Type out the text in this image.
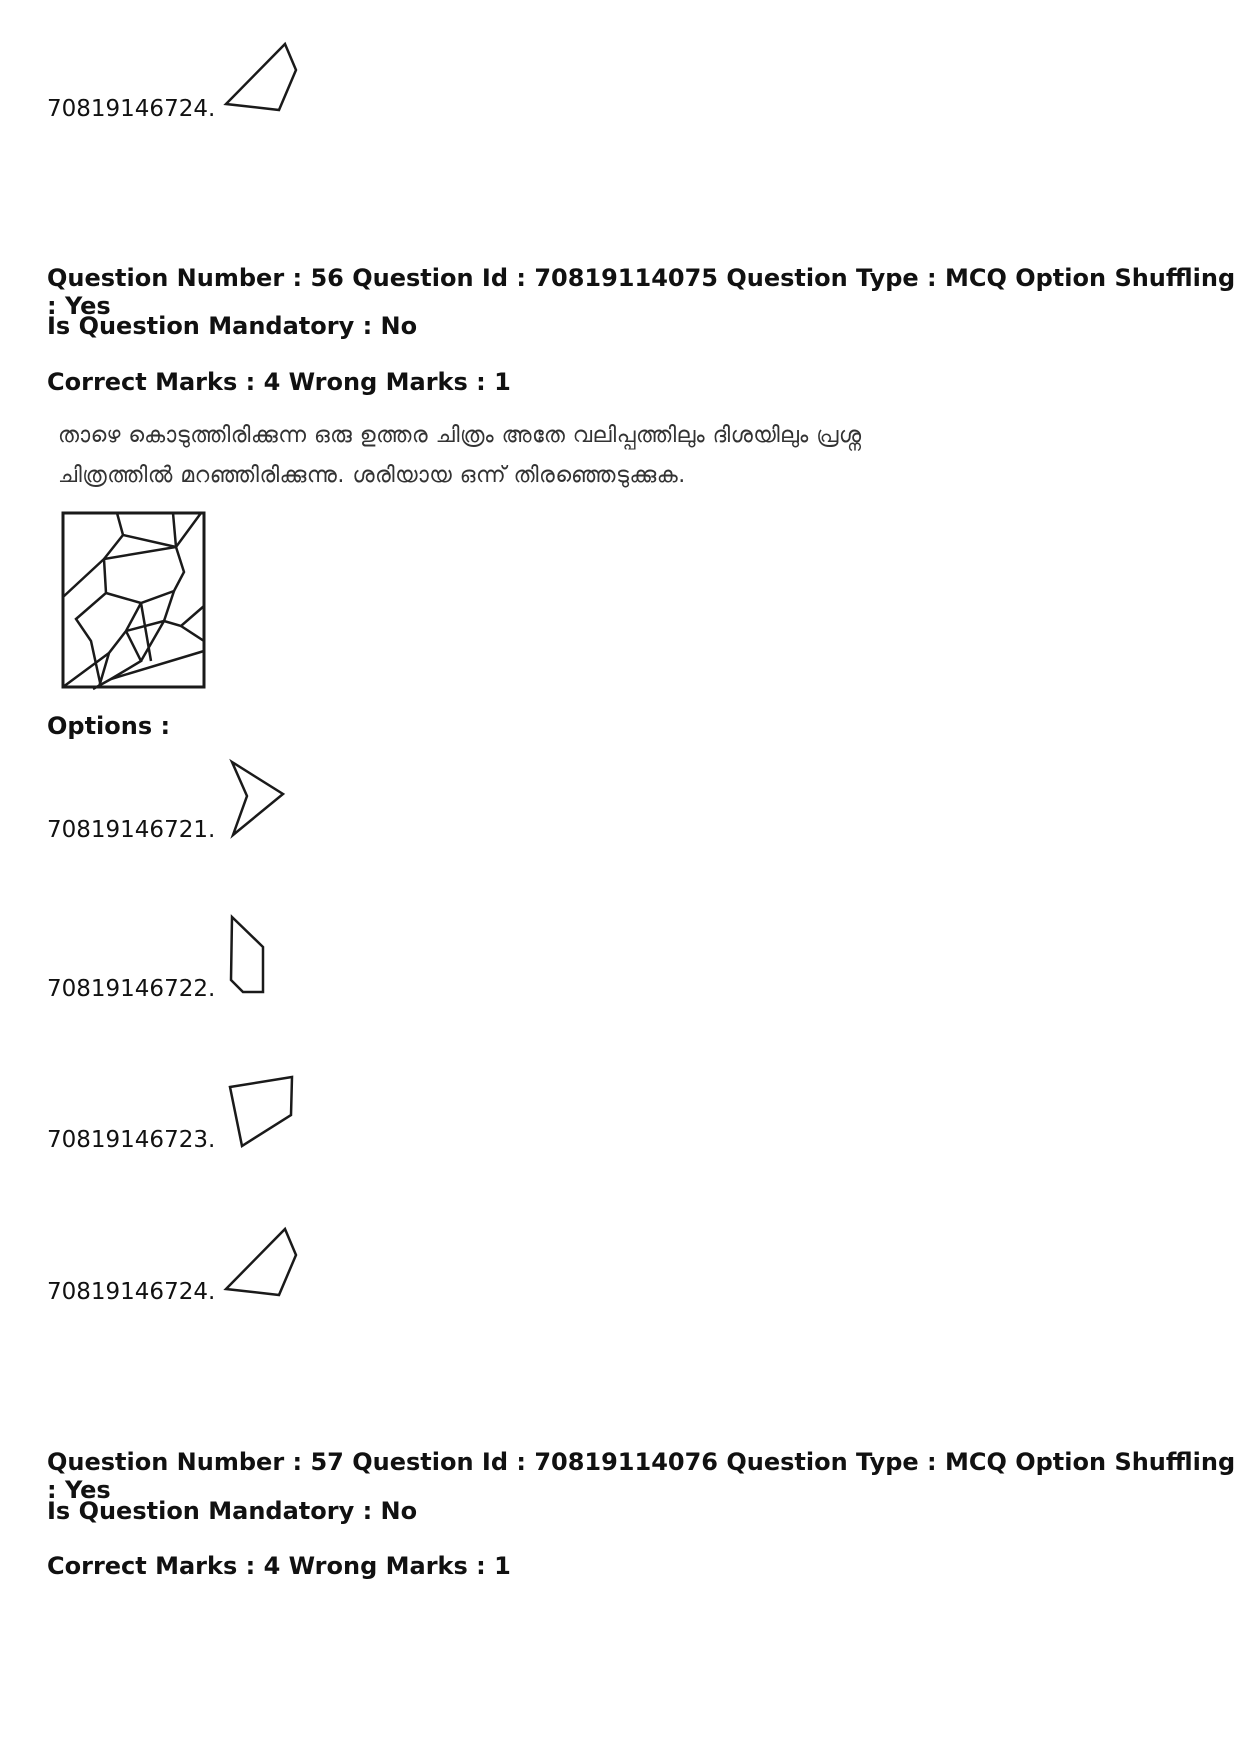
70819146724.
Question Number : 56 Question Id : 70819114075 Question Type : MCQ Option Shuffling : Yes
Is Question Mandatory : No
Correct Marks : 4 Wrong Marks : 1
താഴെ കൊടുത്തിരിക്കുന്ന ഒരു ഉത്തര ചിത്രം അതേ വലിപ്പത്തിലും ദിശയിലും പ്രശ്ന
ചിത്രത്തിൽ മറഞ്ഞിരിക്കുന്നു. ശരിയായ ഒന്ന് തിരഞ്ഞെടുക്കുക.
Options :
70819146721.
70819146722.
70819146723.
70819146724.
Question Number : 57 Question Id : 70819114076 Question Type : MCQ Option Shuffling : Yes
Is Question Mandatory : No
Correct Marks : 4 Wrong Marks : 1
